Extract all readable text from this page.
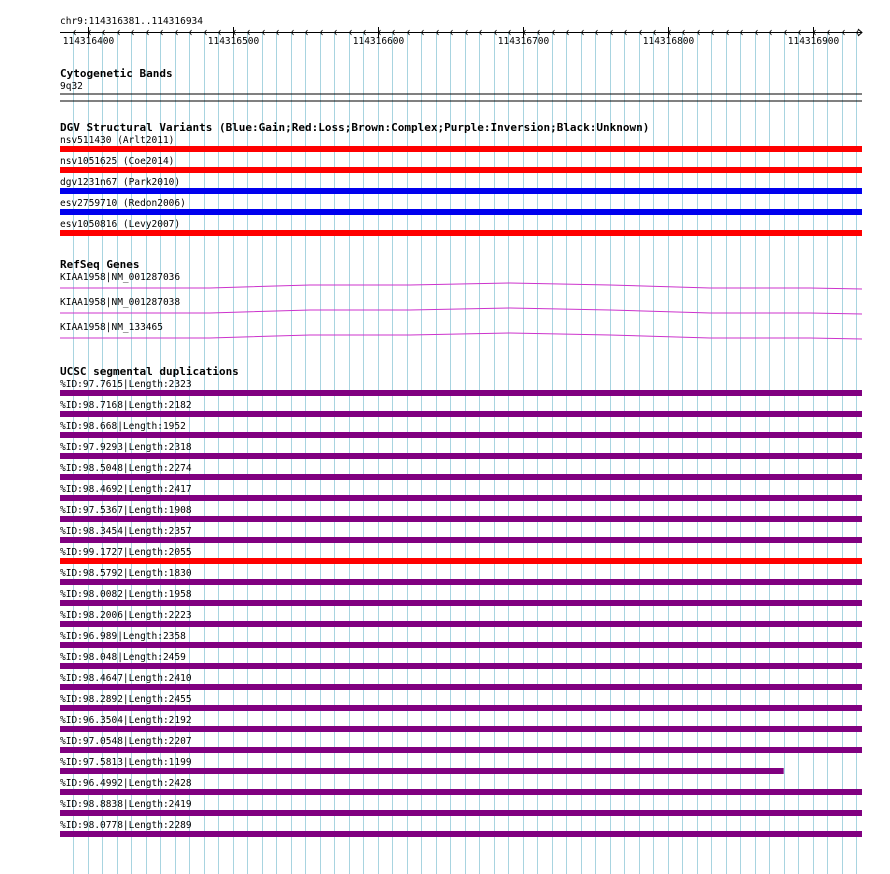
chr9:114316381..114316934
114316400	114316500	114316600	114316700	114316800	114316900
Cytogenetic Bands
9q32
DGV Structural Variants (Blue:Gain;Red:Loss;Brown:Complex;Purple:Inversion;Black:Unknown)
nsv511430 (Arlt2011)
nsv1051625 (Coe2014)
dgv1231n67 (Park2010)
esv2759710 (Redon2006)
esv1050816 (Levy2007)
RefSeq Genes
KIAA1958|NM_001287036
KIAA1958|NM_001287038
KIAA1958|NM_133465
UCSC segmental duplications
%ID:97.7615|Length:2323
%ID:98.7168|Length:2182
%ID:98.668|Length:1952
%ID:97.9293|Length:2318
%ID:98.5048|Length:2274
%ID:98.4692|Length:2417
%ID:97.5367|Length:1908
%ID:98.3454|Length:2357
%ID:99.1727|Length:2055
%ID:98.5792|Length:1830
%ID:98.0082|Length:1958
%ID:98.2006|Length:2223
%ID:96.989|Length:2358
%ID:98.048|Length:2459
%ID:98.4647|Length:2410
%ID:98.2892|Length:2455
%ID:96.3504|Length:2192
%ID:97.0548|Length:2207
%ID:97.5813|Length:1199
%ID:96.4992|Length:2428
%ID:98.8838|Length:2419
%ID:98.0778|Length:2289
